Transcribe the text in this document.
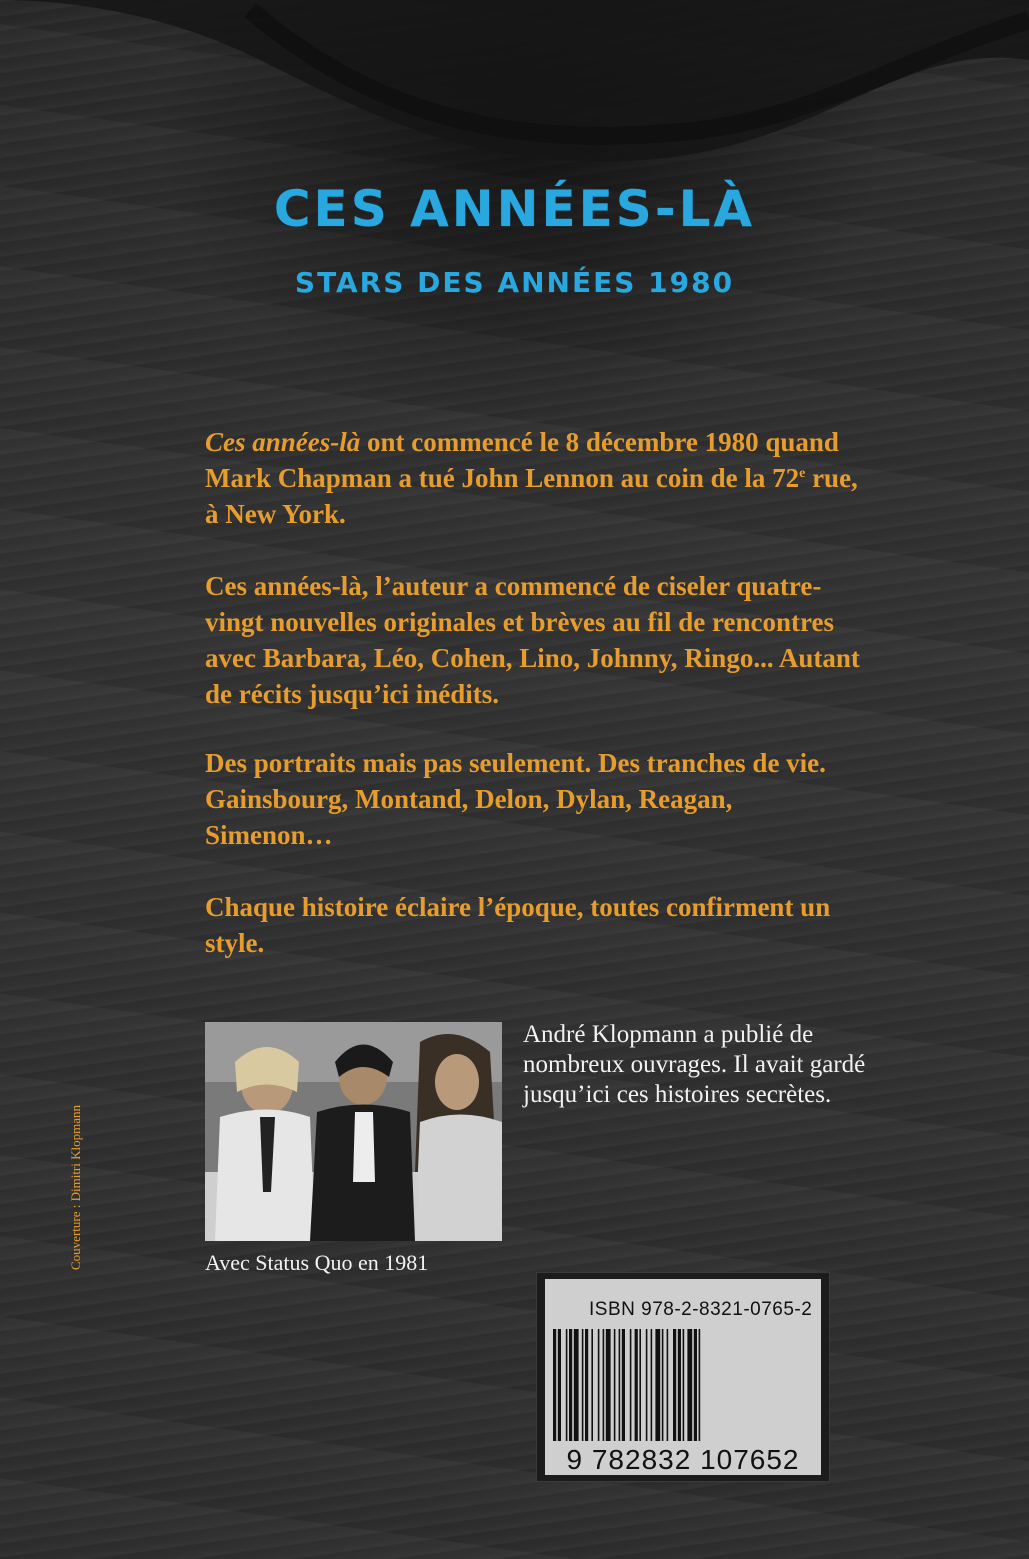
CES ANNÉES-LÀ
STARS DES ANNÉES 1980

Ces années-là ont commencé le 8 décembre 1980 quand Mark Chapman a tué John Lennon au coin de la 72e rue, à New York.

Ces années-là, l’auteur a commencé de ciseler quatre-vingt nouvelles originales et brèves au fil de rencontres avec Barbara, Léo, Cohen, Lino, Johnny, Ringo... Autant de récits jusqu’ici inédits.

Des portraits mais pas seulement. Des tranches de vie. Gainsbourg, Montand, Delon, Dylan, Reagan, Simenon…

Chaque histoire éclaire l’époque, toutes confirment un style.

André Klopmann a publié de nombreux ouvrages. Il avait gardé jusqu’ici ces histoires secrètes.

Avec Status Quo en 1981
Couverture : Dimitri Klopmann
ISBN 978-2-8321-0765-2
9 782832 107652
